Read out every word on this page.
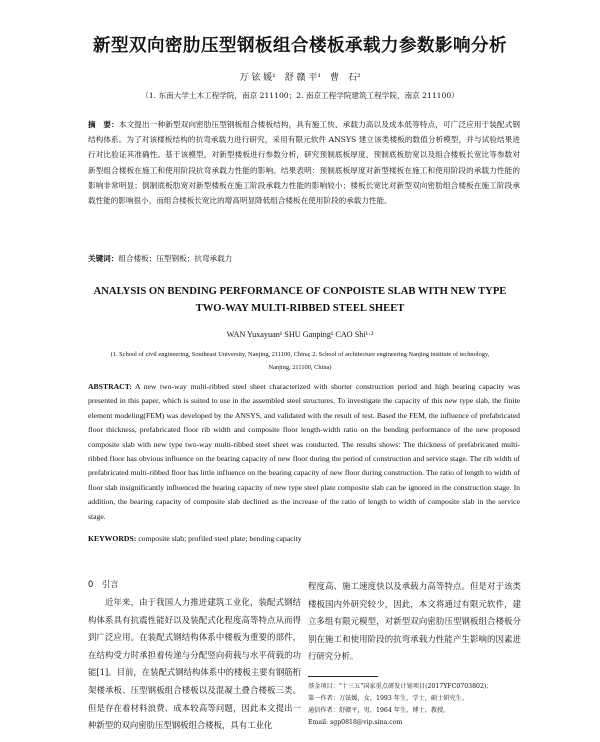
新型双向密肋压型钢板组合楼板承载力参数影响分析
万 铉 媛¹　舒 赣 平¹　曹　石²
（1. 东南大学土木工程学院，南京 211100；2. 南京工程学院建筑工程学院，南京 211100）
摘　要：本文提出一种新型双向密肋压型钢板组合楼板结构，具有施工快、承载力高以及成本低等特点，可广泛应用于装配式钢结构体系。为了对该楼板结构的抗弯承载力进行研究，采用有限元软件 ANSYS 建立该类楼板的数值分析模型，并与试验结果进行对比验证其准确性。基于该模型，对新型楼板进行参数分析，研究预制底板厚度、预制底板肋宽以及组合楼板长宽比等参数对新型组合楼板在施工和使用阶段抗弯承载力性能的影响。结果表明：预制底板厚度对新型楼板在施工和使用阶段的承载力性能的影响非常明显；倒制底板肋宽对新型楼板在施工阶段承载力性能的影响较小；楼板长宽比对新型双向密肋组合楼板在施工阶段承载性能的影响很小，而组合楼板长宽比的增高明显降低组合楼板在使用阶段的承载力性能。
关键词：组合楼板；压型钢板；抗弯承载力
ANALYSIS ON BENDING PERFORMANCE OF CONPOISTE SLAB WITH NEW TYPE
TWO-WAY MULTI-RIBBED STEEL SHEET
WAN Yuxayuan¹ SHU Ganping¹ CAO Shi¹·²
(1. School of civil engineering, Southeast University, Nanjing, 211100, China; 2. School of architecture engineering Nanjing institute of technology, Nanjing, 211100, China)
ABSTRACT: A new two-way multi-ribbed steel sheet characterized with shorter construction period and high bearing capacity was presented in this paper, which is suited to use in the assembled steel structures. To investigate the capacity of this new type slab, the finite element modeling(FEM) was developed by the ANSYS, and validated with the result of test. Based the FEM, the influence of prefabricated floor thickness, prefabricated floor rib width and composite floor length-width ratio on the bending performance of the new proposed composite slab with new type two-way multi-ribbed steel sheet was conducted. The results shows: The thickness of prefabricated multi-ribbed floor has obvious influence on the bearing capacity of new floor during the period of construction and service stage. The rib width of prefabricated multi-ribbed floor has little influence on the bearing capacity of new floor during construction. The ratio of length to width of floor slab insignificantly influenced the bearing capacity of new type steel plate composite slab can be ignored in the construction stage. In addition, the bearing capacity of composite slab declined as the increase of the ratio of length to width of composite slab in the service stage.
KEYWORDS: composite slab; profiled steel plate; bending capacity
0　引言

近年来，由于我国人力推进建筑工业化，装配式钢结构体系具有抗震性能好以及装配式化程度高等特点从而得到广泛应用。在装配式钢结构体系中楼板为重要的部件，在结构受力时承担着传递与分配竖向荷载与水平荷载的功能[1]。目前，在装配式钢结构体系中的楼板主要有钢筋桁架楼承板、压型钢板组合楼板以及混凝土叠合楼板三类。但是存在着材料浪费、成本较高等问题，因此本文提出一种新型的双向密肋压型钢板组合楼板，具有工业化

程度高、施工速度快以及承载力高等特点。但是对于该类楼板国内外研究较少，因此，本文将通过有限元软件，建立多组有限元模型，对新型双向密肋压型钢板组合楼板分别在施工和使用阶段的抗弯承载力性能产生影响的因素进行研究分析。

基金项目："十三五"国家重点研发计划项目(2017YFC0703802)；
第一作者：万铉媛，女，1993 年生，学士，硕士研究生。
通信作者：舒赣平，男，1964 年生，博士，教授。
Email: sgp0818@vip.sina.com
